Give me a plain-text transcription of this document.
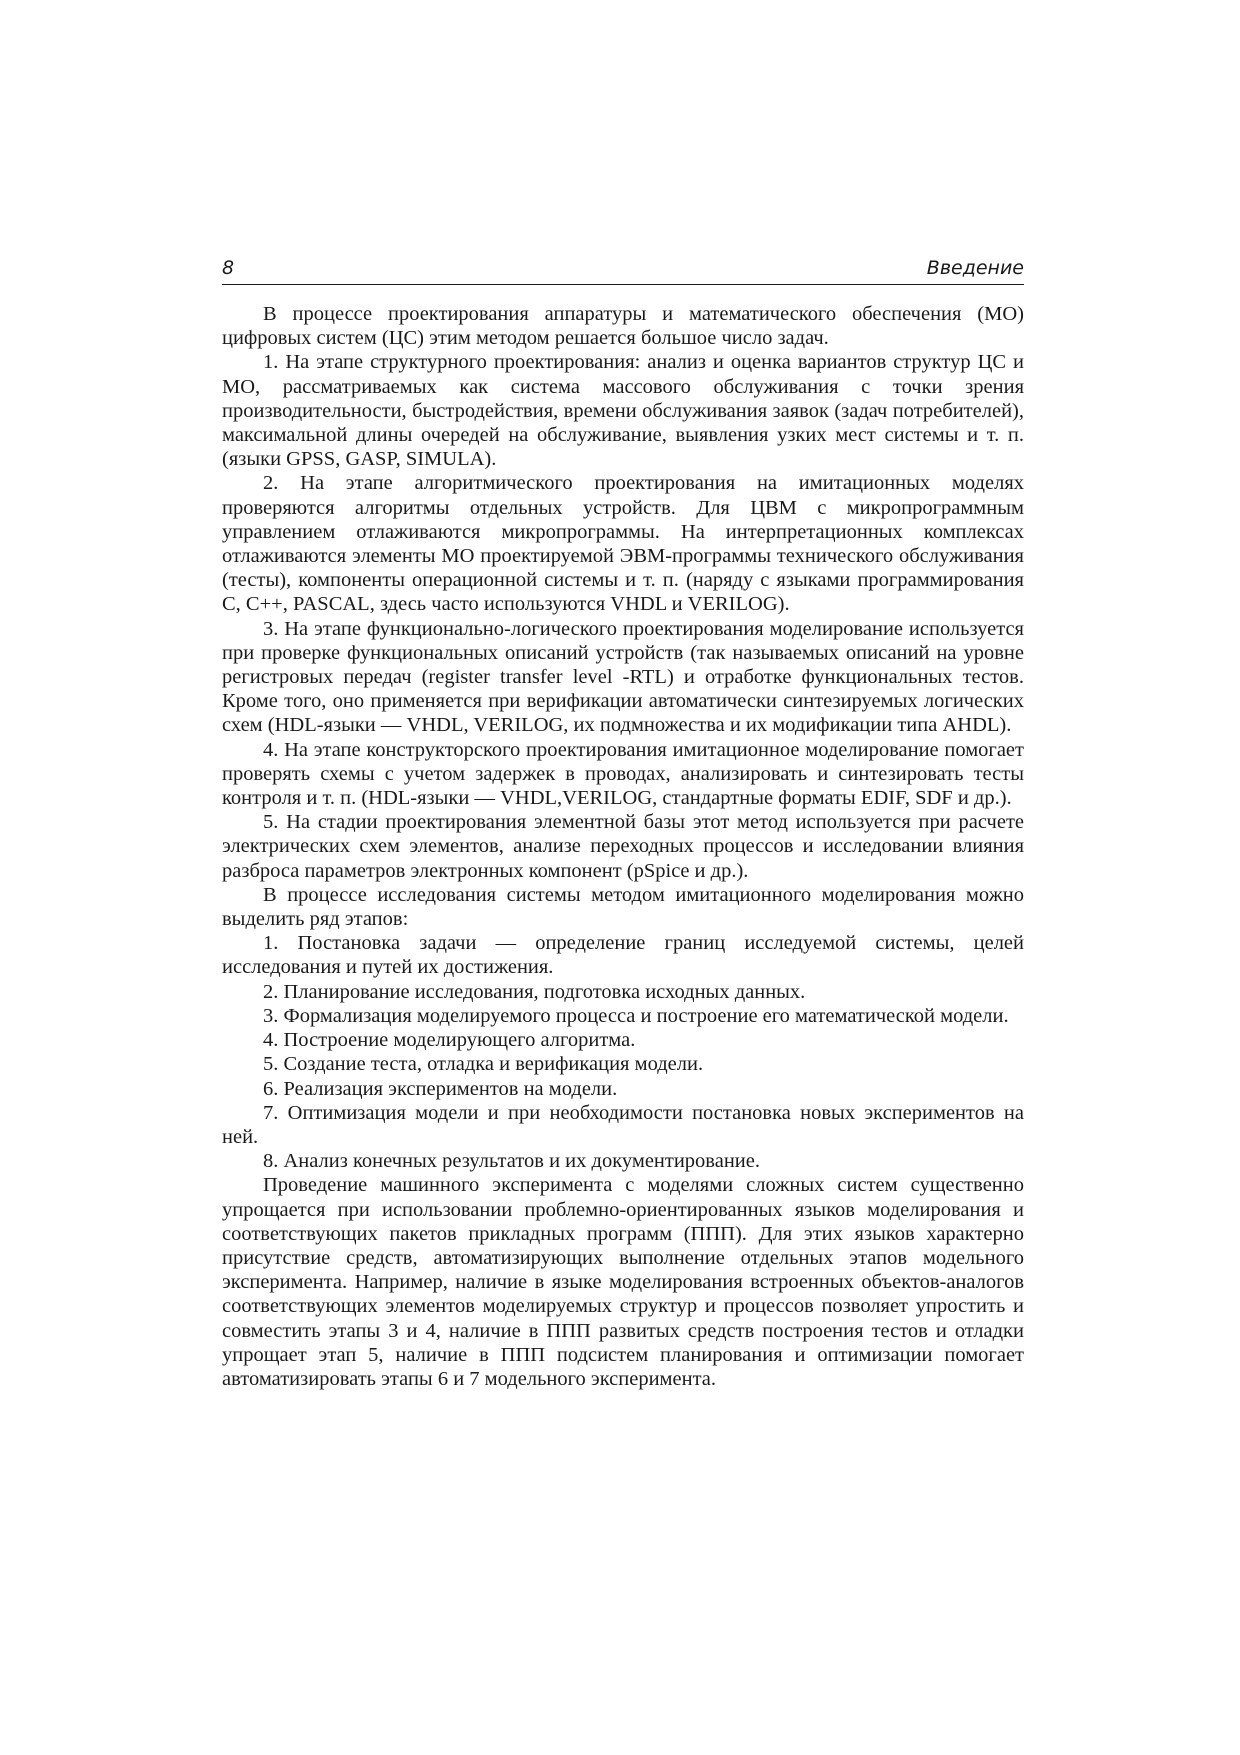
8	Введение

В процессе проектирования аппаратуры и математического обеспечения (МО) цифровых систем (ЦС) этим методом решается большое число задач.

1. На этапе структурного проектирования: анализ и оценка вариантов структур ЦС и МО, рассматриваемых как система массового обслуживания с точки зрения производительности, быстродействия, времени обслуживания заявок (задач потребителей), максимальной длины очередей на обслуживание, выявления узких мест системы и т. п. (языки GPSS, GASP, SIMULA).

2. На этапе алгоритмического проектирования на имитационных моделях проверяются алгоритмы отдельных устройств. Для ЦВМ с микропрограммным управлением отлаживаются микропрограммы. На интерпретационных комплексах отлаживаются элементы МО проектируемой ЭВМ-программы технического обслуживания (тесты), компоненты операционной системы и т. п. (наряду с языками программирования С, С++, PASCAL, здесь часто используются VHDL и VERILOG).

3. На этапе функционально-логического проектирования моделирование используется при проверке функциональных описаний устройств (так называемых описаний на уровне регистровых передач (register transfer level -RTL) и отработке функциональных тестов. Кроме того, оно применяется при верификации автоматически синтезируемых логических схем (HDL-языки — VHDL, VERILOG, их подмножества и их модификации типа AHDL).

4. На этапе конструкторского проектирования имитационное моделирование помогает проверять схемы с учетом задержек в проводах, анализировать и синтезировать тесты контроля и т. п. (HDL-языки — VHDL,VERILOG, стандартные форматы EDIF, SDF и др.).

5. На стадии проектирования элементной базы этот метод используется при расчете электрических схем элементов, анализе переходных процессов и исследовании влияния разброса параметров электронных компонент (pSpice и др.).

В процессе исследования системы методом имитационного моделирования можно выделить ряд этапов:

1. Постановка задачи — определение границ исследуемой системы, целей исследования и путей их достижения.

2. Планирование исследования, подготовка исходных данных.

3. Формализация моделируемого процесса и построение его математической модели.

4. Построение моделирующего алгоритма.

5. Создание теста, отладка и верификация модели.

6. Реализация экспериментов на модели.

7. Оптимизация модели и при необходимости постановка новых экспериментов на ней.

8. Анализ конечных результатов и их документирование.

Проведение машинного эксперимента с моделями сложных систем существенно упрощается при использовании проблемно-ориентированных языков моделирования и соответствующих пакетов прикладных программ (ППП). Для этих языков характерно присутствие средств, автоматизирующих выполнение отдельных этапов модельного эксперимента. Например, наличие в языке моделирования встроенных объектов-аналогов соответствующих элементов моделируемых структур и процессов позволяет упростить и совместить этапы 3 и 4, наличие в ППП развитых средств построения тестов и отладки упрощает этап 5, наличие в ППП подсистем планирования и оптимизации помогает автоматизировать этапы 6 и 7 модельного эксперимента.
